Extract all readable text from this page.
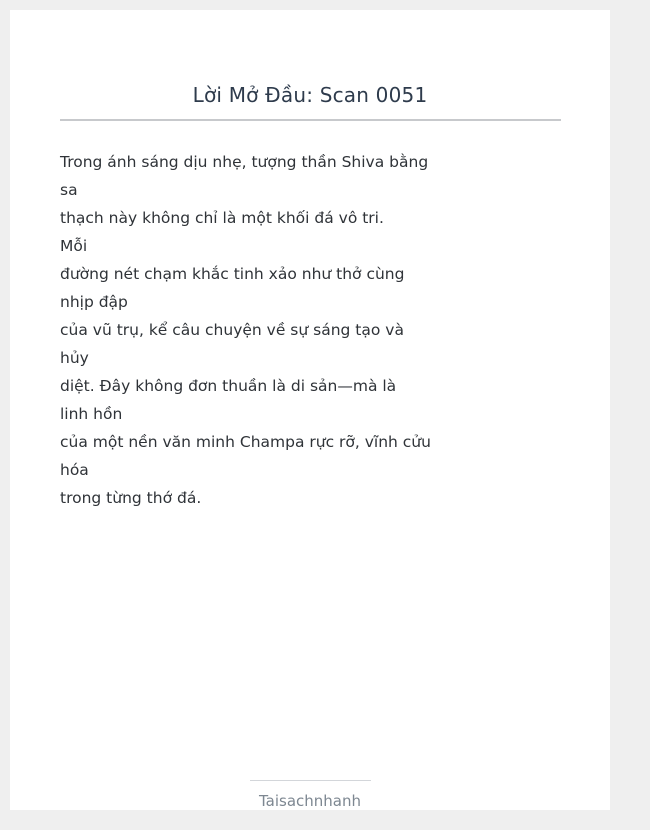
Lời Mở Đầu: Scan 0051
Trong ánh sáng dịu nhẹ, tượng thần Shiva bằng
sa
thạch này không chỉ là một khối đá vô tri.
Mỗi
đường nét chạm khắc tinh xảo như thở cùng
nhịp đập
của vũ trụ, kể câu chuyện về sự sáng tạo và
hủy
diệt. Đây không đơn thuần là di sản—mà là
linh hồn
của một nền văn minh Champa rực rỡ, vĩnh cửu
hóa
trong từng thớ đá.
Taisachnhanh
